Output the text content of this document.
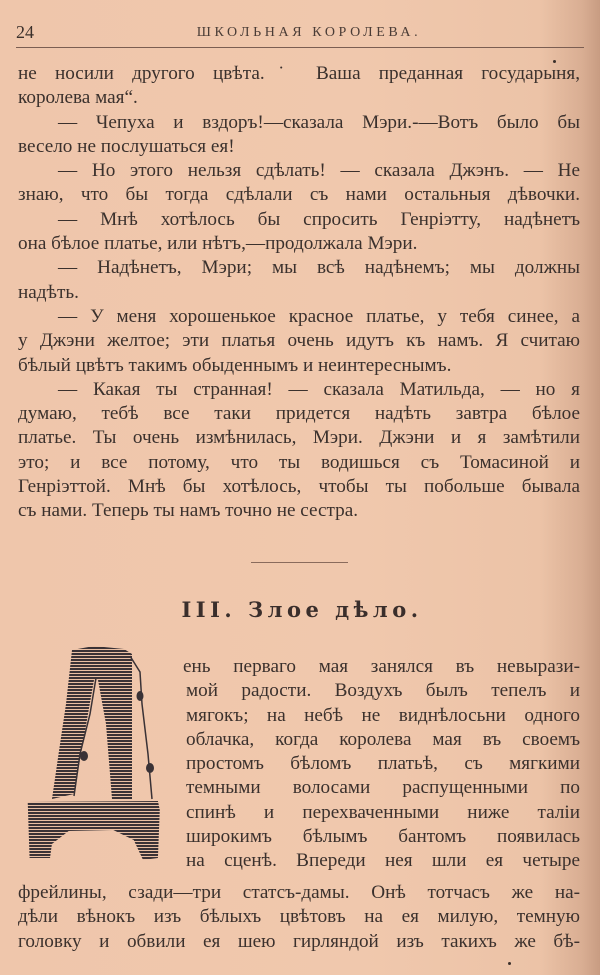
24	ШКОЛЬНАЯ КОРОЛЕВА.
не носили другого цвѣта.˙ Ваша преданная государыня,
королева мая“.
— Чепуха и вздоръ!—сказала Мэри.-—Вотъ было бы
весело не послушаться ея!
— Но этого нельзя сдѣлать! — сказала Джэнъ. — Не
знаю, что бы тогда сдѣлали съ нами остальныя дѣвочки.
— Мнѣ хотѣлось бы спросить Генріэтту, надѣнетъ
она бѣлое платье, или нѣтъ,—продолжала Мэри.
— Надѣнетъ, Мэри; мы всѣ надѣнемъ; мы должны
надѣть.
— У меня хорошенькое красное платье, у тебя синее, а
у Джэни желтое; эти платья очень идутъ къ намъ. Я считаю
бѣлый цвѣтъ такимъ обыденнымъ и неинтереснымъ.
— Какая ты странная! — сказала Матильда, — но я
думаю, тебѣ все таки придется надѣть завтра бѣлое
платье. Ты очень измѣнилась, Мэри. Джэни и я замѣтили
это; и все потому, что ты водишься съ Томасиной и
Генріэттой. Мнѣ бы хотѣлось, чтобы ты побольше бывала
съ нами. Теперь ты намъ точно не сестра.
III. Злое дѣло.
ень перваго мая занялся въ невырази-
мой радости. Воздухъ былъ тепелъ и
мягокъ; на небѣ не виднѣлосьни одного
облачка, когда королева мая въ своемъ
простомъ бѣломъ платьѣ, съ мягкими
темными волосами распущенными по
спинѣ и перехваченными ниже таліи
широкимъ бѣлымъ бантомъ появилась
на сценѣ. Впереди нея шли ея четыре
фрейлины, сзади—три статсъ-дамы. Онѣ тотчасъ же на-
дѣли вѣнокъ изъ бѣлыхъ цвѣтовъ на ея милую, темную
головку и обвили ея шею гирляндой изъ такихъ же бѣ-
